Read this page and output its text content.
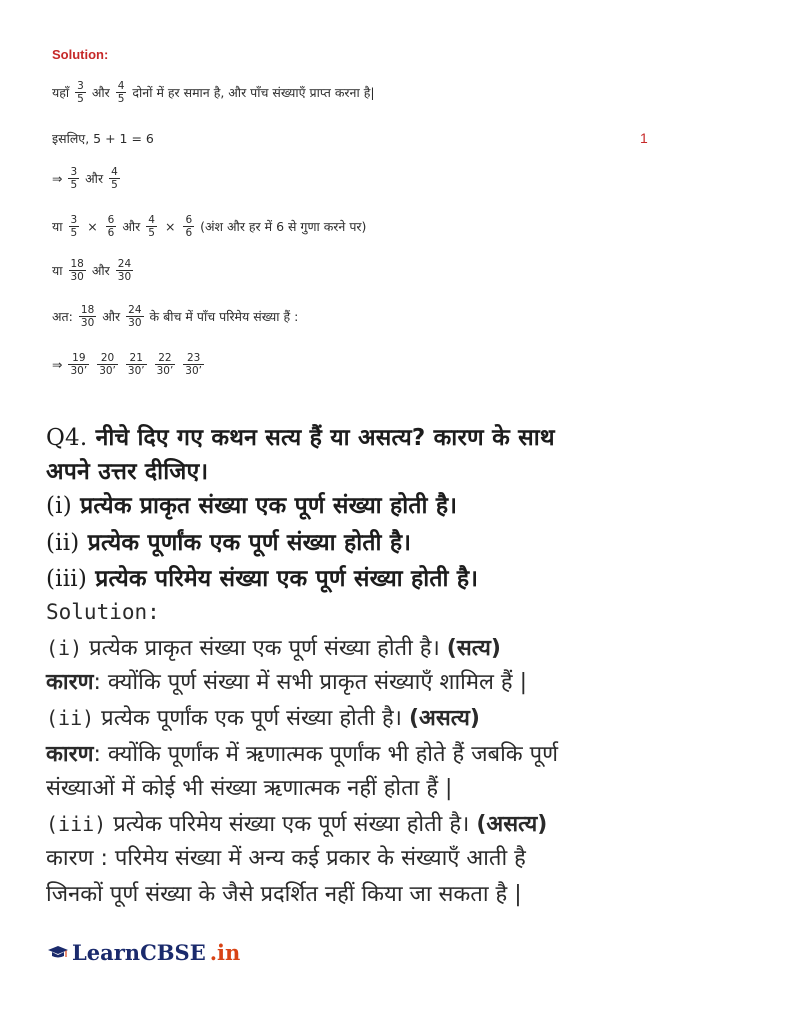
Solution:
यहाँ $\frac{3}{5}$ और $\frac{4}{5}$ दोनों में हर समान है, और पाँच संख्याएँ प्राप्त करना है|
इसलिए, 5 + 1 = 6	1
⇒ $\frac{3}{5}$ और $\frac{4}{5}$
या $\frac{3}{5} \times \frac{6}{6}$ और $\frac{4}{5} \times \frac{6}{6}$ (अंश और हर में 6 से गुणा करने पर)
या $\frac{18}{30}$ और $\frac{24}{30}$
अत: $\frac{18}{30}$ और $\frac{24}{30}$ के बीच में पाँच परिमेय संख्या हैं :
⇒ $\frac{19}{30’} \frac{20}{30’} \frac{21}{30’} \frac{22}{30’} \frac{23}{30’}$
Q4. नीचे दिए गए कथन सत्य हैं या असत्य? कारण के साथ
अपने उत्तर दीजिए।
(i) प्रत्येक प्राकृत संख्या एक पूर्ण संख्या होती है।
(ii) प्रत्येक पूर्णांक एक पूर्ण संख्या होती है।
(iii) प्रत्येक परिमेय संख्या एक पूर्ण संख्या होती है।
Solution:
(i) प्रत्येक प्राकृत संख्या एक पूर्ण संख्या होती है। (सत्य)
कारण: क्योंकि पूर्ण संख्या में सभी प्राकृत संख्याएँ शामिल हैं |
(ii) प्रत्येक पूर्णांक एक पूर्ण संख्या होती है। (असत्य)
कारण: क्योंकि पूर्णांक में ऋणात्मक पूर्णांक भी होते हैं जबकि पूर्ण
संख्याओं में कोई भी संख्या ऋणात्मक नहीं होता हैं |
(iii) प्रत्येक परिमेय संख्या एक पूर्ण संख्या होती है। (असत्य)
कारण : परिमेय संख्या में अन्य कई प्रकार के संख्याएँ आती है
जिनकों पूर्ण संख्या के जैसे प्रदर्शित नहीं किया जा सकता है |
LearnCBSE .in
